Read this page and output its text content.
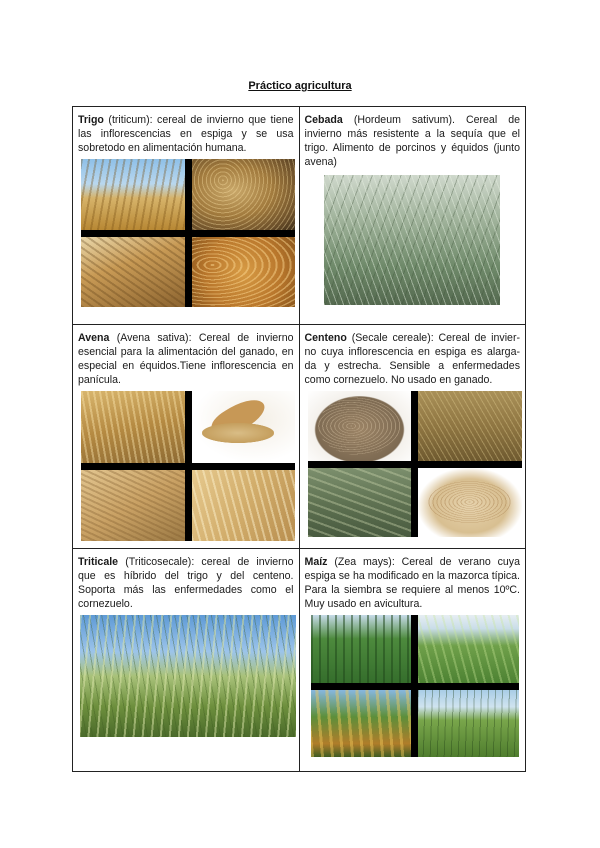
Práctico agricultura

Trigo (triticum): cereal de invierno que tiene las inflorescencias en espiga y se usa sobretodo en alimentación humana.	Cebada (Hordeum sativum). Cereal de invierno más resistente a la sequía que el trigo. Alimento de porcinos y équidos (junto avena)

Avena (Avena sativa): Cereal de invierno esencial para la alimentación del ganado, en especial en équidos.Tiene inflorescencia en panícula.	Centeno (Secale cereale): Cereal de invier-no cuya inflorescencia en espiga es alarga-da y estrecha. Sensible a enfermedades como cornezuelo. No usado en ganado.

Triticale (Triticosecale): cereal de invierno que es híbrido del trigo y del centeno. Soporta más las enfermedades como el cornezuelo.	Maíz (Zea mays): Cereal de verano cuya espiga se ha modificado en la mazorca típica. Para la siembra se requiere al menos 10ºC. Muy usado en avicultura.
